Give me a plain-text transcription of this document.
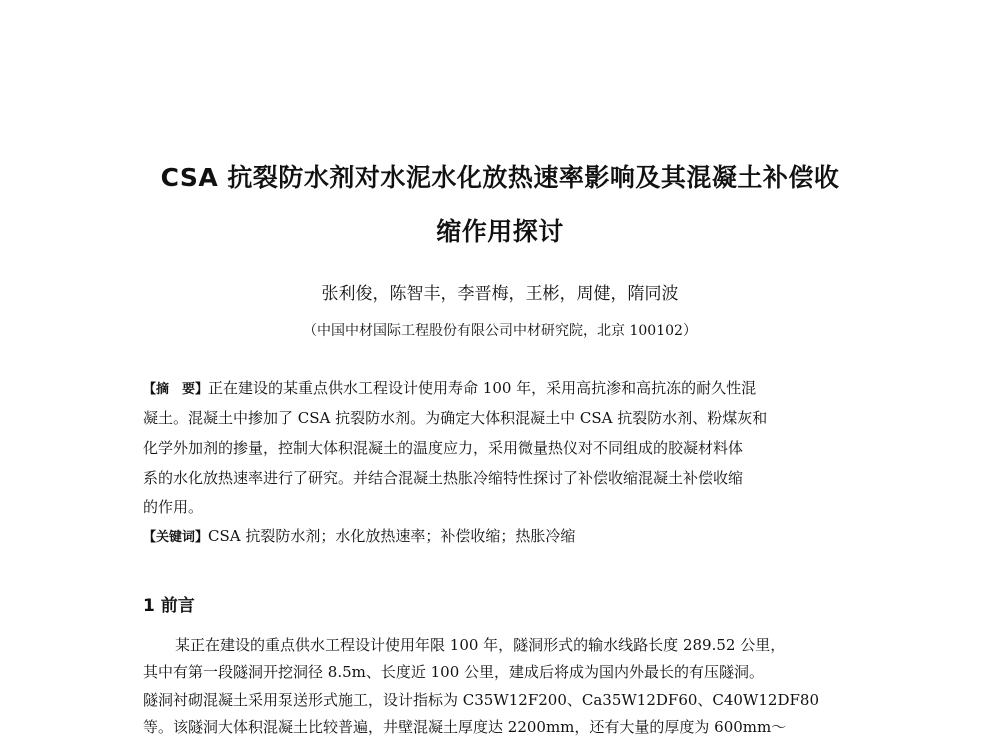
CSA 抗裂防水剂对水泥水化放热速率影响及其混凝土补偿收
缩作用探讨
张利俊，陈智丰，李晋梅，王彬，周健，隋同波
（中国中材国际工程股份有限公司中材研究院，北京 100102）
【摘　要】正在建设的某重点供水工程设计使用寿命 100 年，采用高抗渗和高抗冻的耐久性混
凝土。混凝土中掺加了 CSA 抗裂防水剂。为确定大体积混凝土中 CSA 抗裂防水剂、粉煤灰和
化学外加剂的掺量，控制大体积混凝土的温度应力，采用微量热仪对不同组成的胶凝材料体
系的水化放热速率进行了研究。并结合混凝土热胀冷缩特性探讨了补偿收缩混凝土补偿收缩
的作用。
【关键词】CSA 抗裂防水剂；水化放热速率；补偿收缩；热胀冷缩
1 前言
某正在建设的重点供水工程设计使用年限 100 年，隧洞形式的输水线路长度 289.52 公里，
其中有第一段隧洞开挖洞径 8.5m、长度近 100 公里，建成后将成为国内外最长的有压隧洞。
隧洞衬砌混凝土采用泵送形式施工，设计指标为 C35W12F200、Ca35W12DF60、C40W12DF80
等。该隧洞大体积混凝土比较普遍，井壁混凝土厚度达 2200mm，还有大量的厚度为 600mm～
